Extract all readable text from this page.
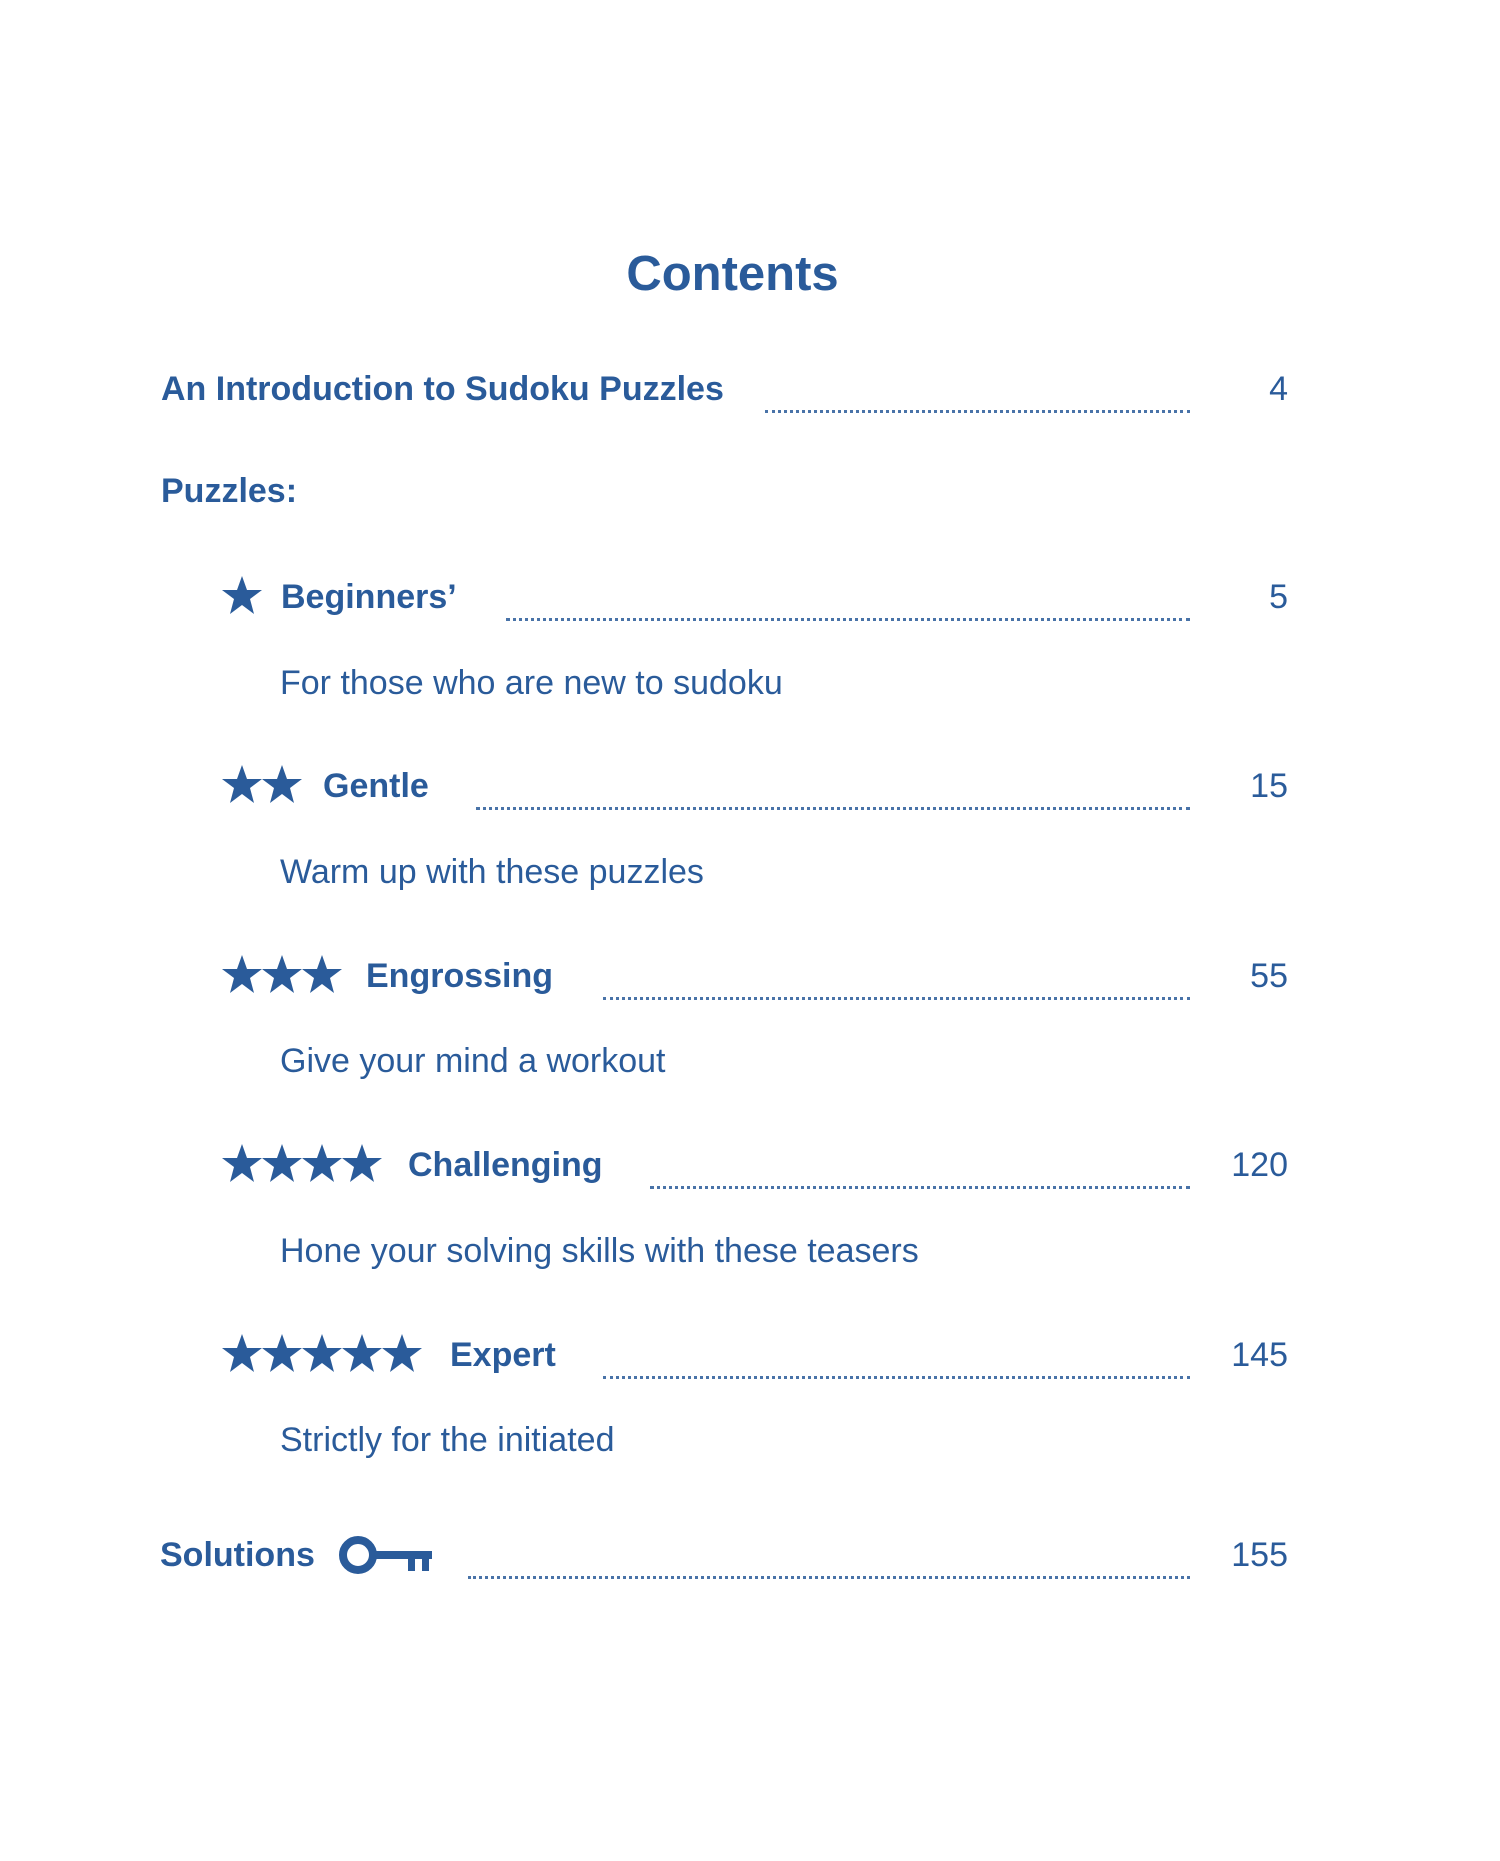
Contents
An Introduction to Sudoku Puzzles	4
Puzzles:
Beginners’	5
For those who are new to sudoku
Gentle	15
Warm up with these puzzles
Engrossing	55
Give your mind a workout
Challenging	120
Hone your solving skills with these teasers
Expert	145
Strictly for the initiated
Solutions	155
